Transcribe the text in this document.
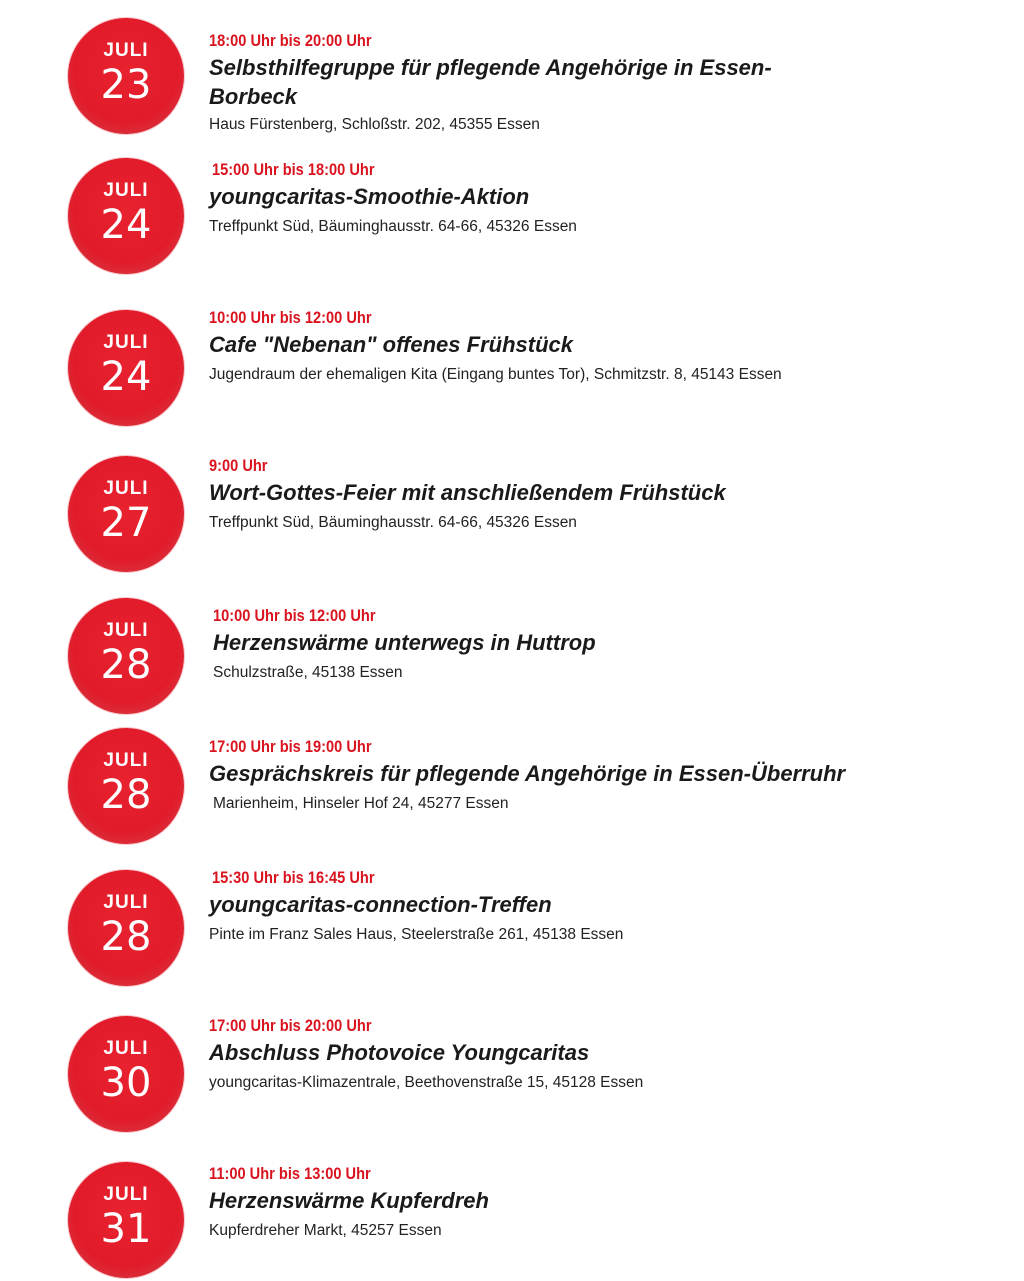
JULI
23
18:00 Uhr bis 20:00 Uhr
Selbsthilfegruppe für pflegende Angehörige in Essen-Borbeck
Haus Fürstenberg, Schloßstr. 202, 45355 Essen
JULI
24
15:00 Uhr bis 18:00 Uhr
youngcaritas-Smoothie-Aktion
Treffpunkt Süd, Bäuminghausstr. 64-66, 45326 Essen
JULI
24
10:00 Uhr bis 12:00 Uhr
Cafe "Nebenan" offenes Frühstück
Jugendraum der ehemaligen Kita (Eingang buntes Tor), Schmitzstr. 8, 45143 Essen
JULI
27
9:00 Uhr
Wort-Gottes-Feier mit anschließendem Frühstück
Treffpunkt Süd, Bäuminghausstr. 64-66, 45326 Essen
JULI
28
10:00 Uhr bis 12:00 Uhr
Herzenswärme unterwegs in Huttrop
Schulzstraße, 45138 Essen
JULI
28
17:00 Uhr bis 19:00 Uhr
Gesprächskreis für pflegende Angehörige in Essen-Überruhr
Marienheim, Hinseler Hof 24, 45277 Essen
JULI
28
15:30 Uhr bis 16:45 Uhr
youngcaritas-connection-Treffen
Pinte im Franz Sales Haus, Steelerstraße 261, 45138 Essen
JULI
30
17:00 Uhr bis 20:00 Uhr
Abschluss Photovoice Youngcaritas
youngcaritas-Klimazentrale, Beethovenstraße 15, 45128 Essen
JULI
31
11:00 Uhr bis 13:00 Uhr
Herzenswärme Kupferdreh
Kupferdreher Markt, 45257 Essen
